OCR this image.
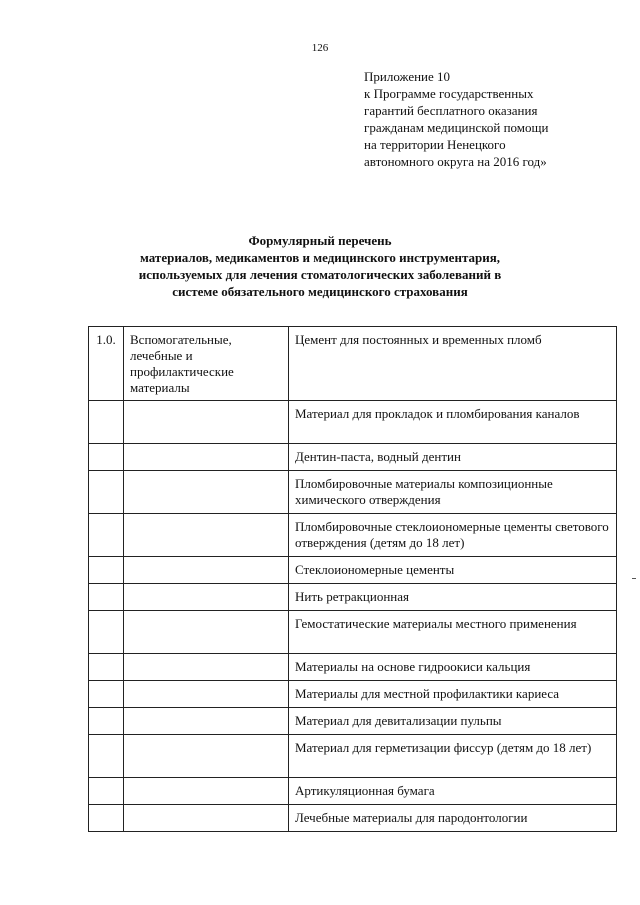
126
Приложение 10
к Программе государственных
гарантий бесплатного оказания
гражданам медицинской помощи
на территории Ненецкого
автономного округа на 2016 год»
Формулярный перечень
материалов, медикаментов и медицинского инструментария,
используемых для лечения стоматологических заболеваний в
системе обязательного медицинского страхования
1.0.	Вспомогательные, лечебные и профилактические материалы	Цемент для постоянных и временных пломб
		Материал для прокладок и пломбирования каналов
		Дентин-паста, водный дентин
		Пломбировочные материалы композиционные химического отверждения
		Пломбировочные стеклоиономерные цементы светового отверждения (детям до 18 лет)
		Стеклоиономерные цементы
		Нить ретракционная
		Гемостатические материалы местного применения
		Материалы на основе гидроокиси кальция
		Материалы для местной профилактики кариеса
		Материал для девитализации пульпы
		Материал для герметизации фиссур (детям до 18 лет)
		Артикуляционная бумага
		Лечебные материалы для пародонтологии
